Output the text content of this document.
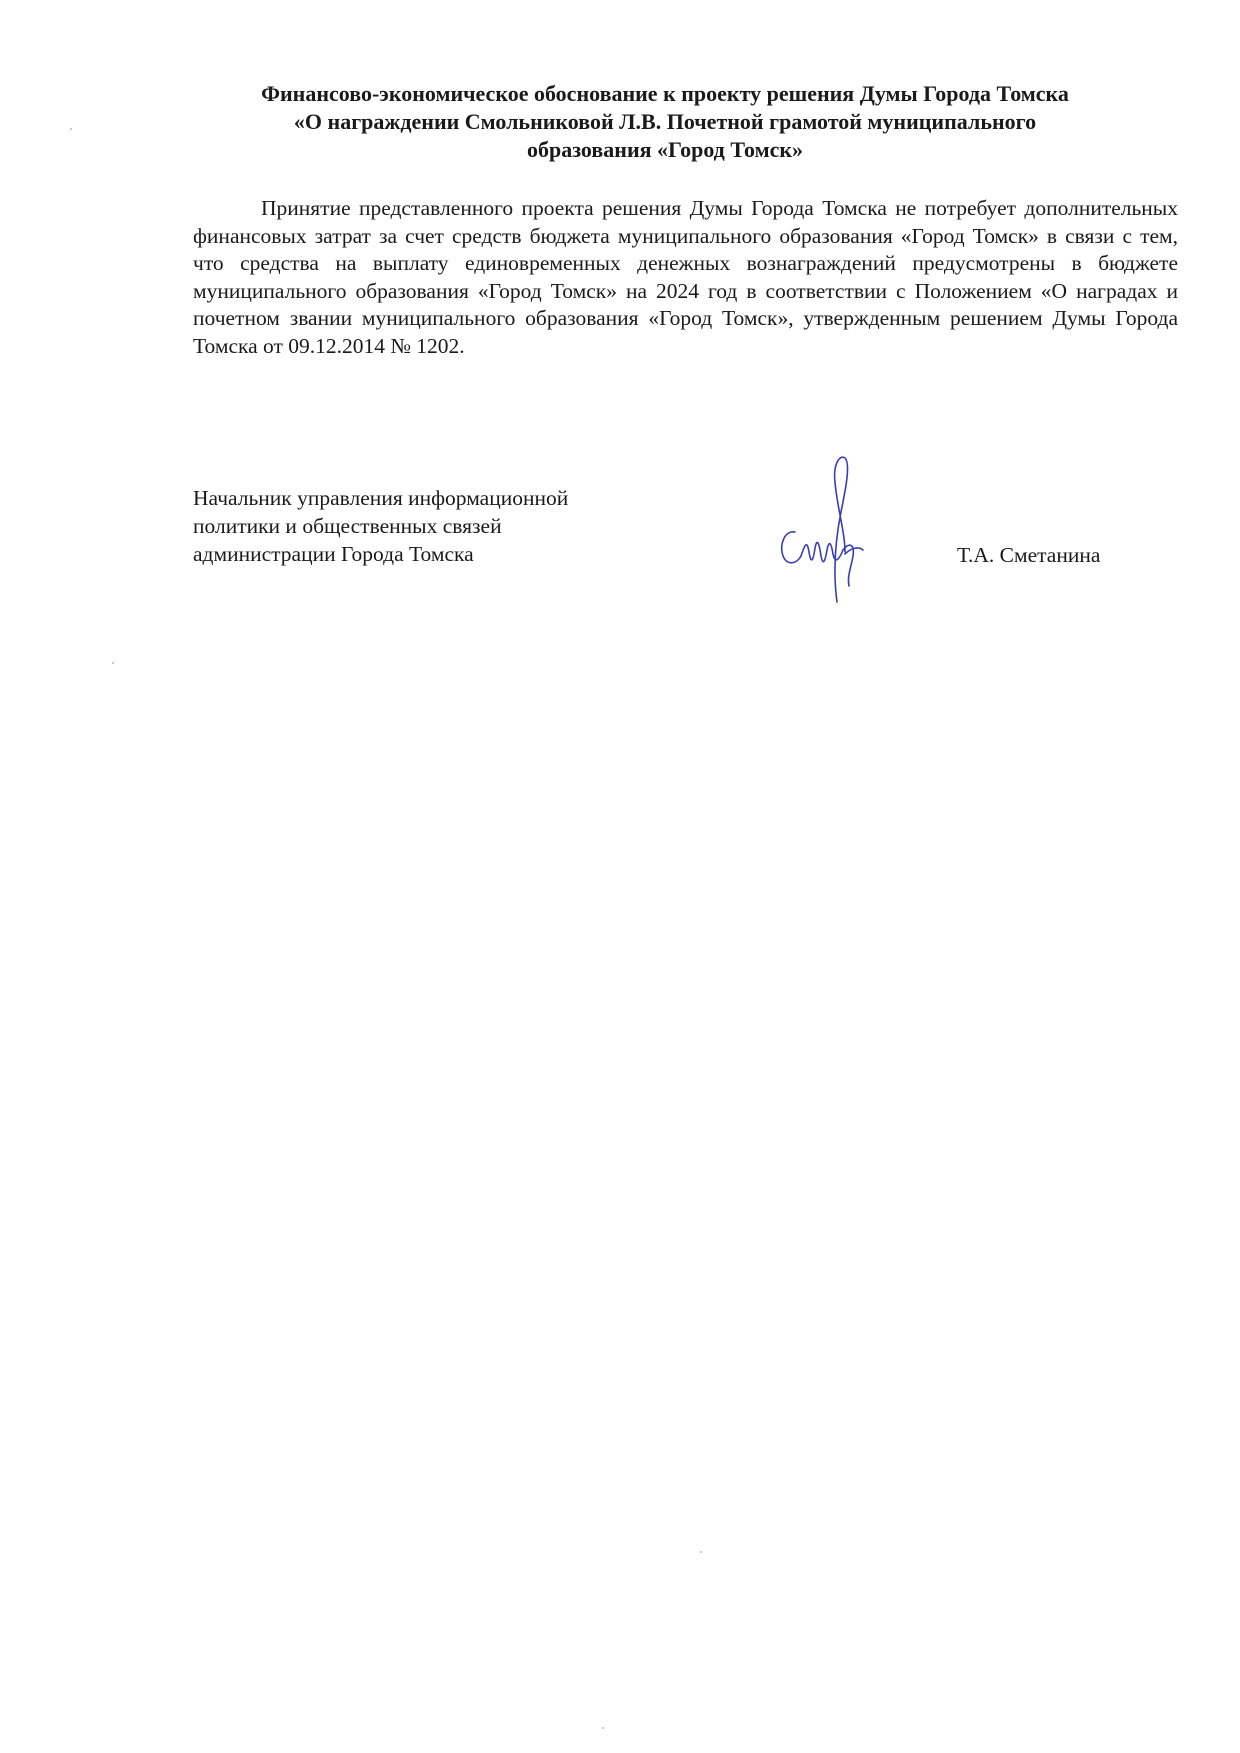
Финансово-экономическое обоснование к проекту решения Думы Города Томска
«О награждении Смольниковой Л.В. Почетной грамотой муниципального
образования «Город Томск»

Принятие представленного проекта решения Думы Города Томска не потребует дополнительных финансовых затрат за счет средств бюджета муниципального образования «Город Томск» в связи с тем, что средства на выплату единовременных денежных вознаграждений предусмотрены в бюджете муниципального образования «Город Томск» на 2024 год в соответствии с Положением «О наградах и почетном звании муниципального образования «Город Томск», утвержденным решением Думы Города Томска от 09.12.2014 № 1202.

Начальник управления информационной
политики и общественных связей
администрации Города Томска	Т.А. Сметанина
